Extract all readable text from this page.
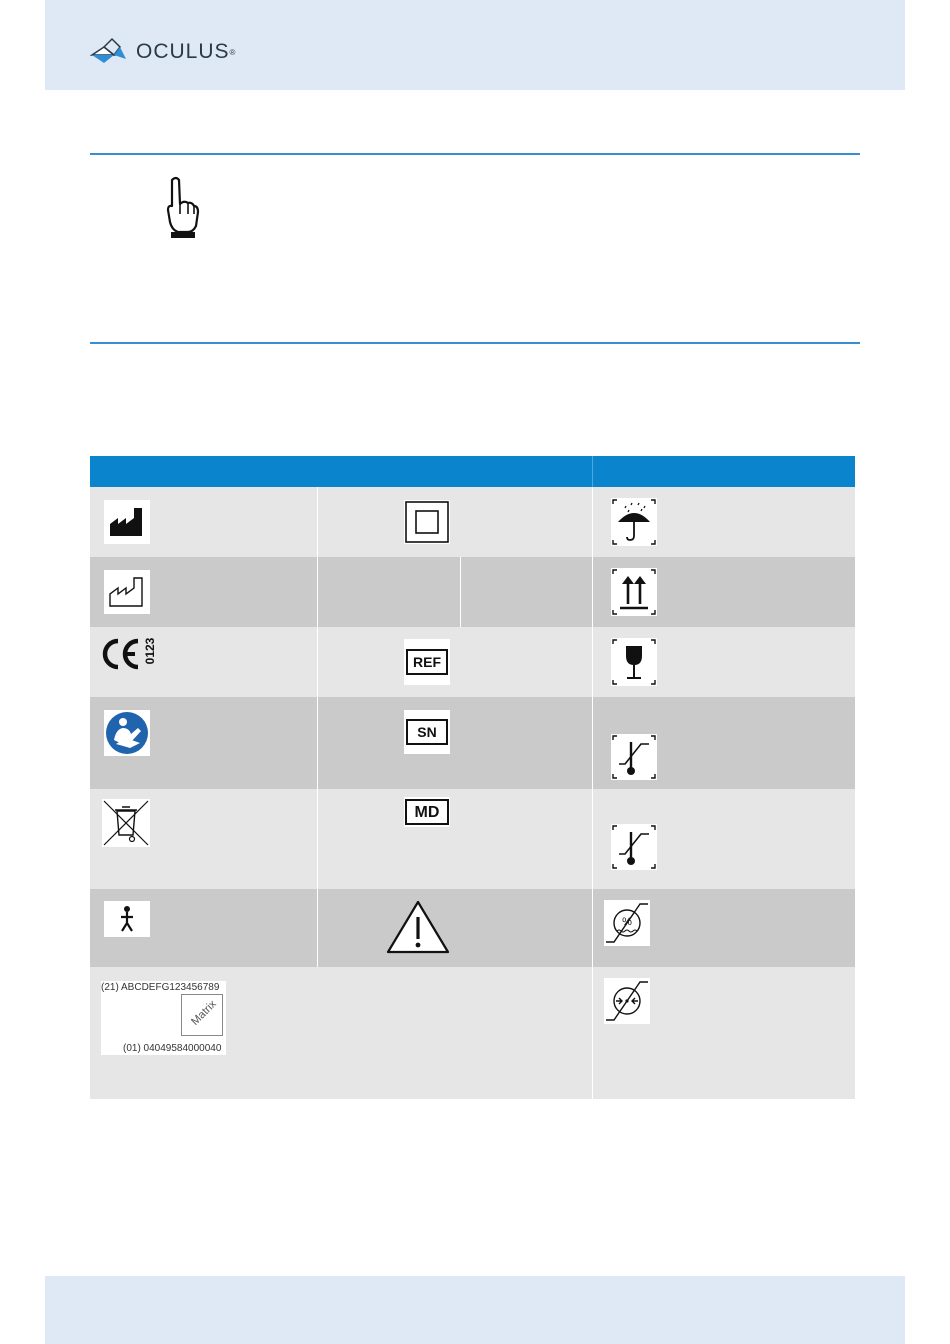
OCULUS ®
0123	REF
SN
MD
%
(21) ABCDEFG123456789
Matrix
(01) 04049584000040
